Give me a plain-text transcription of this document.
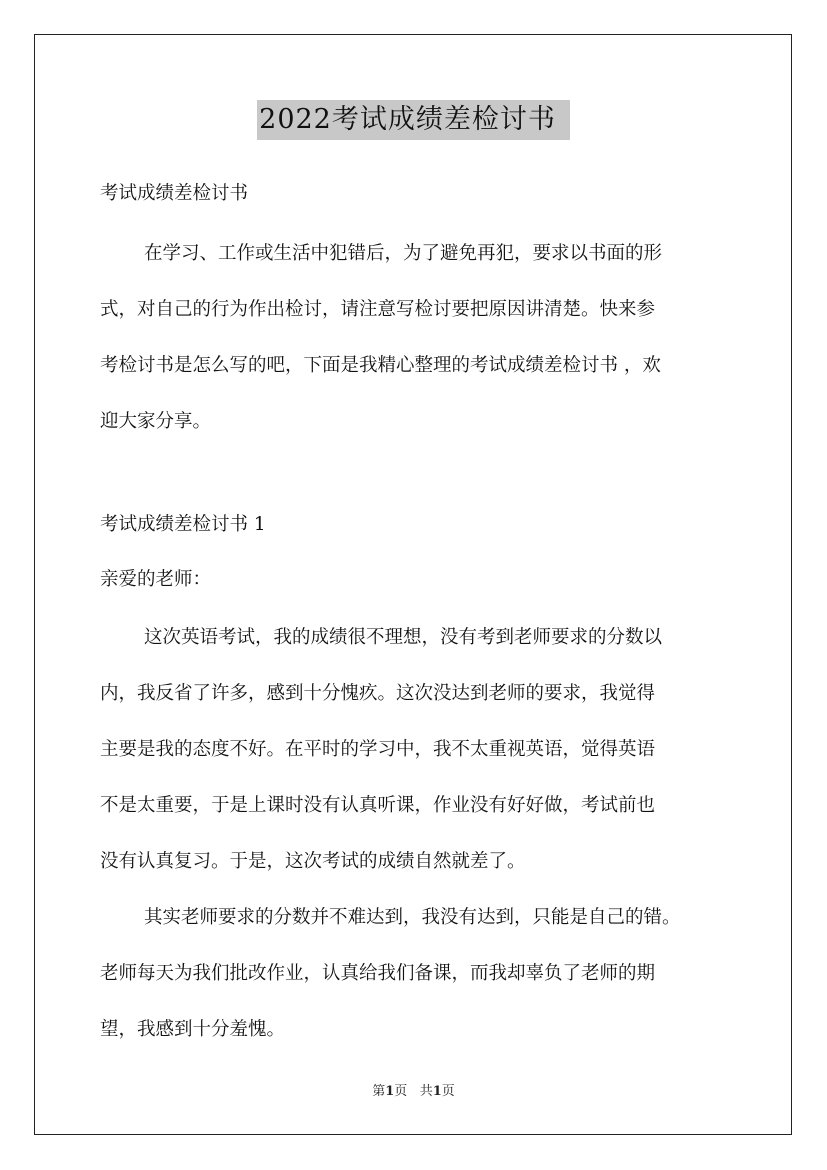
2022考试成绩差检讨书
考试成绩差检讨书
在学习、工作或生活中犯错后，为了避免再犯，要求以书面的形
式，对自己的行为作出检讨，请注意写检讨要把原因讲清楚。快来参
考检讨书是怎么写的吧，下面是我精心整理的考试成绩差检讨书 ，欢
迎大家分享。
考试成绩差检讨书 1
亲爱的老师：
这次英语考试，我的成绩很不理想，没有考到老师要求的分数以
内，我反省了许多，感到十分愧疚。这次没达到老师的要求，我觉得
主要是我的态度不好。在平时的学习中，我不太重视英语，觉得英语
不是太重要，于是上课时没有认真听课，作业没有好好做，考试前也
没有认真复习。于是，这次考试的成绩自然就差了。
其实老师要求的分数并不难达到，我没有达到，只能是自己的错。
老师每天为我们批改作业，认真给我们备课，而我却辜负了老师的期
望，我感到十分羞愧。
第1页 共1页
